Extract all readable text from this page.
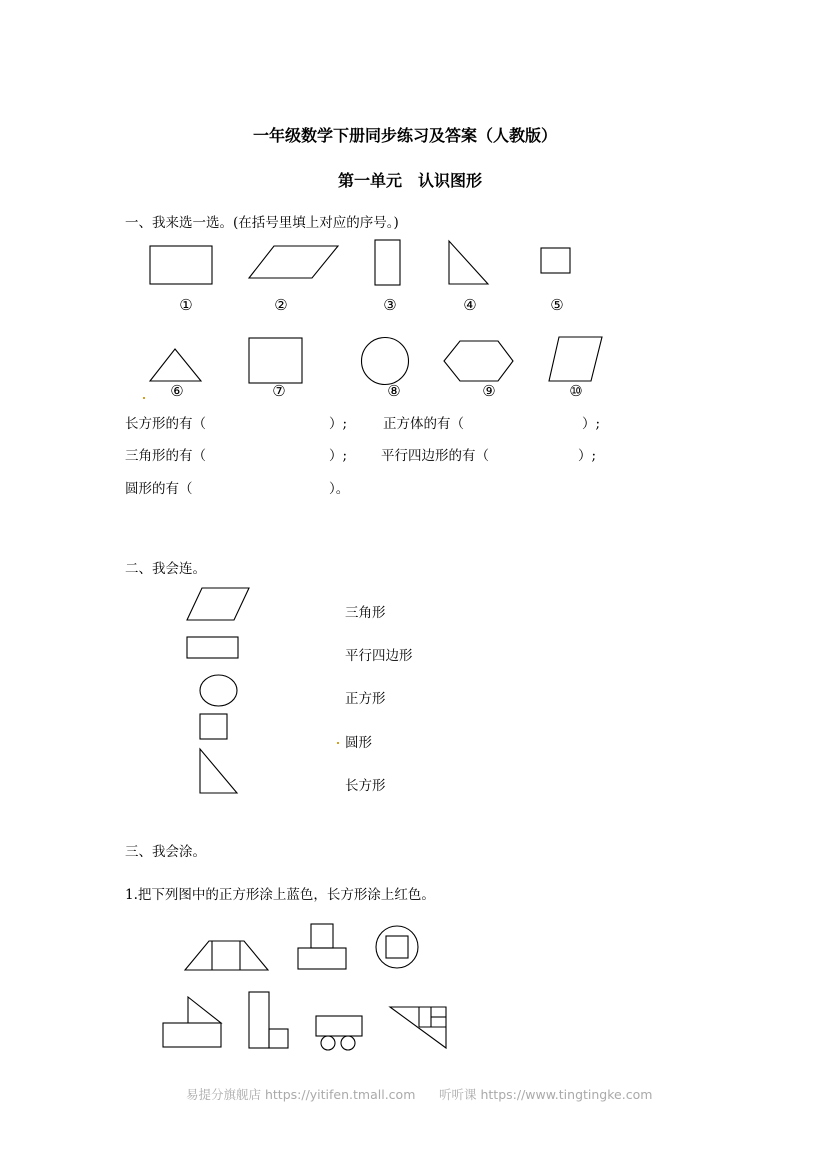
一年级数学下册同步练习及答案（人教版）
第一单元　认识图形
一、我来选一选。(在括号里填上对应的序号。)
①	②	③	④	⑤
⑥	⑦	⑧	⑨	⑩
长方形的有（	）;	正方体的有（	）;
三角形的有（	）;	平行四边形的有（	）;
圆形的有（	）。
二、我会连。
三角形
平行四边形
正方形
圆形
长方形
三、我会涂。
1.把下列图中的正方形涂上蓝色，长方形涂上红色。
易提分旗舰店 https://yitifen.tmall.com 听听课 https://www.tingtingke.com
